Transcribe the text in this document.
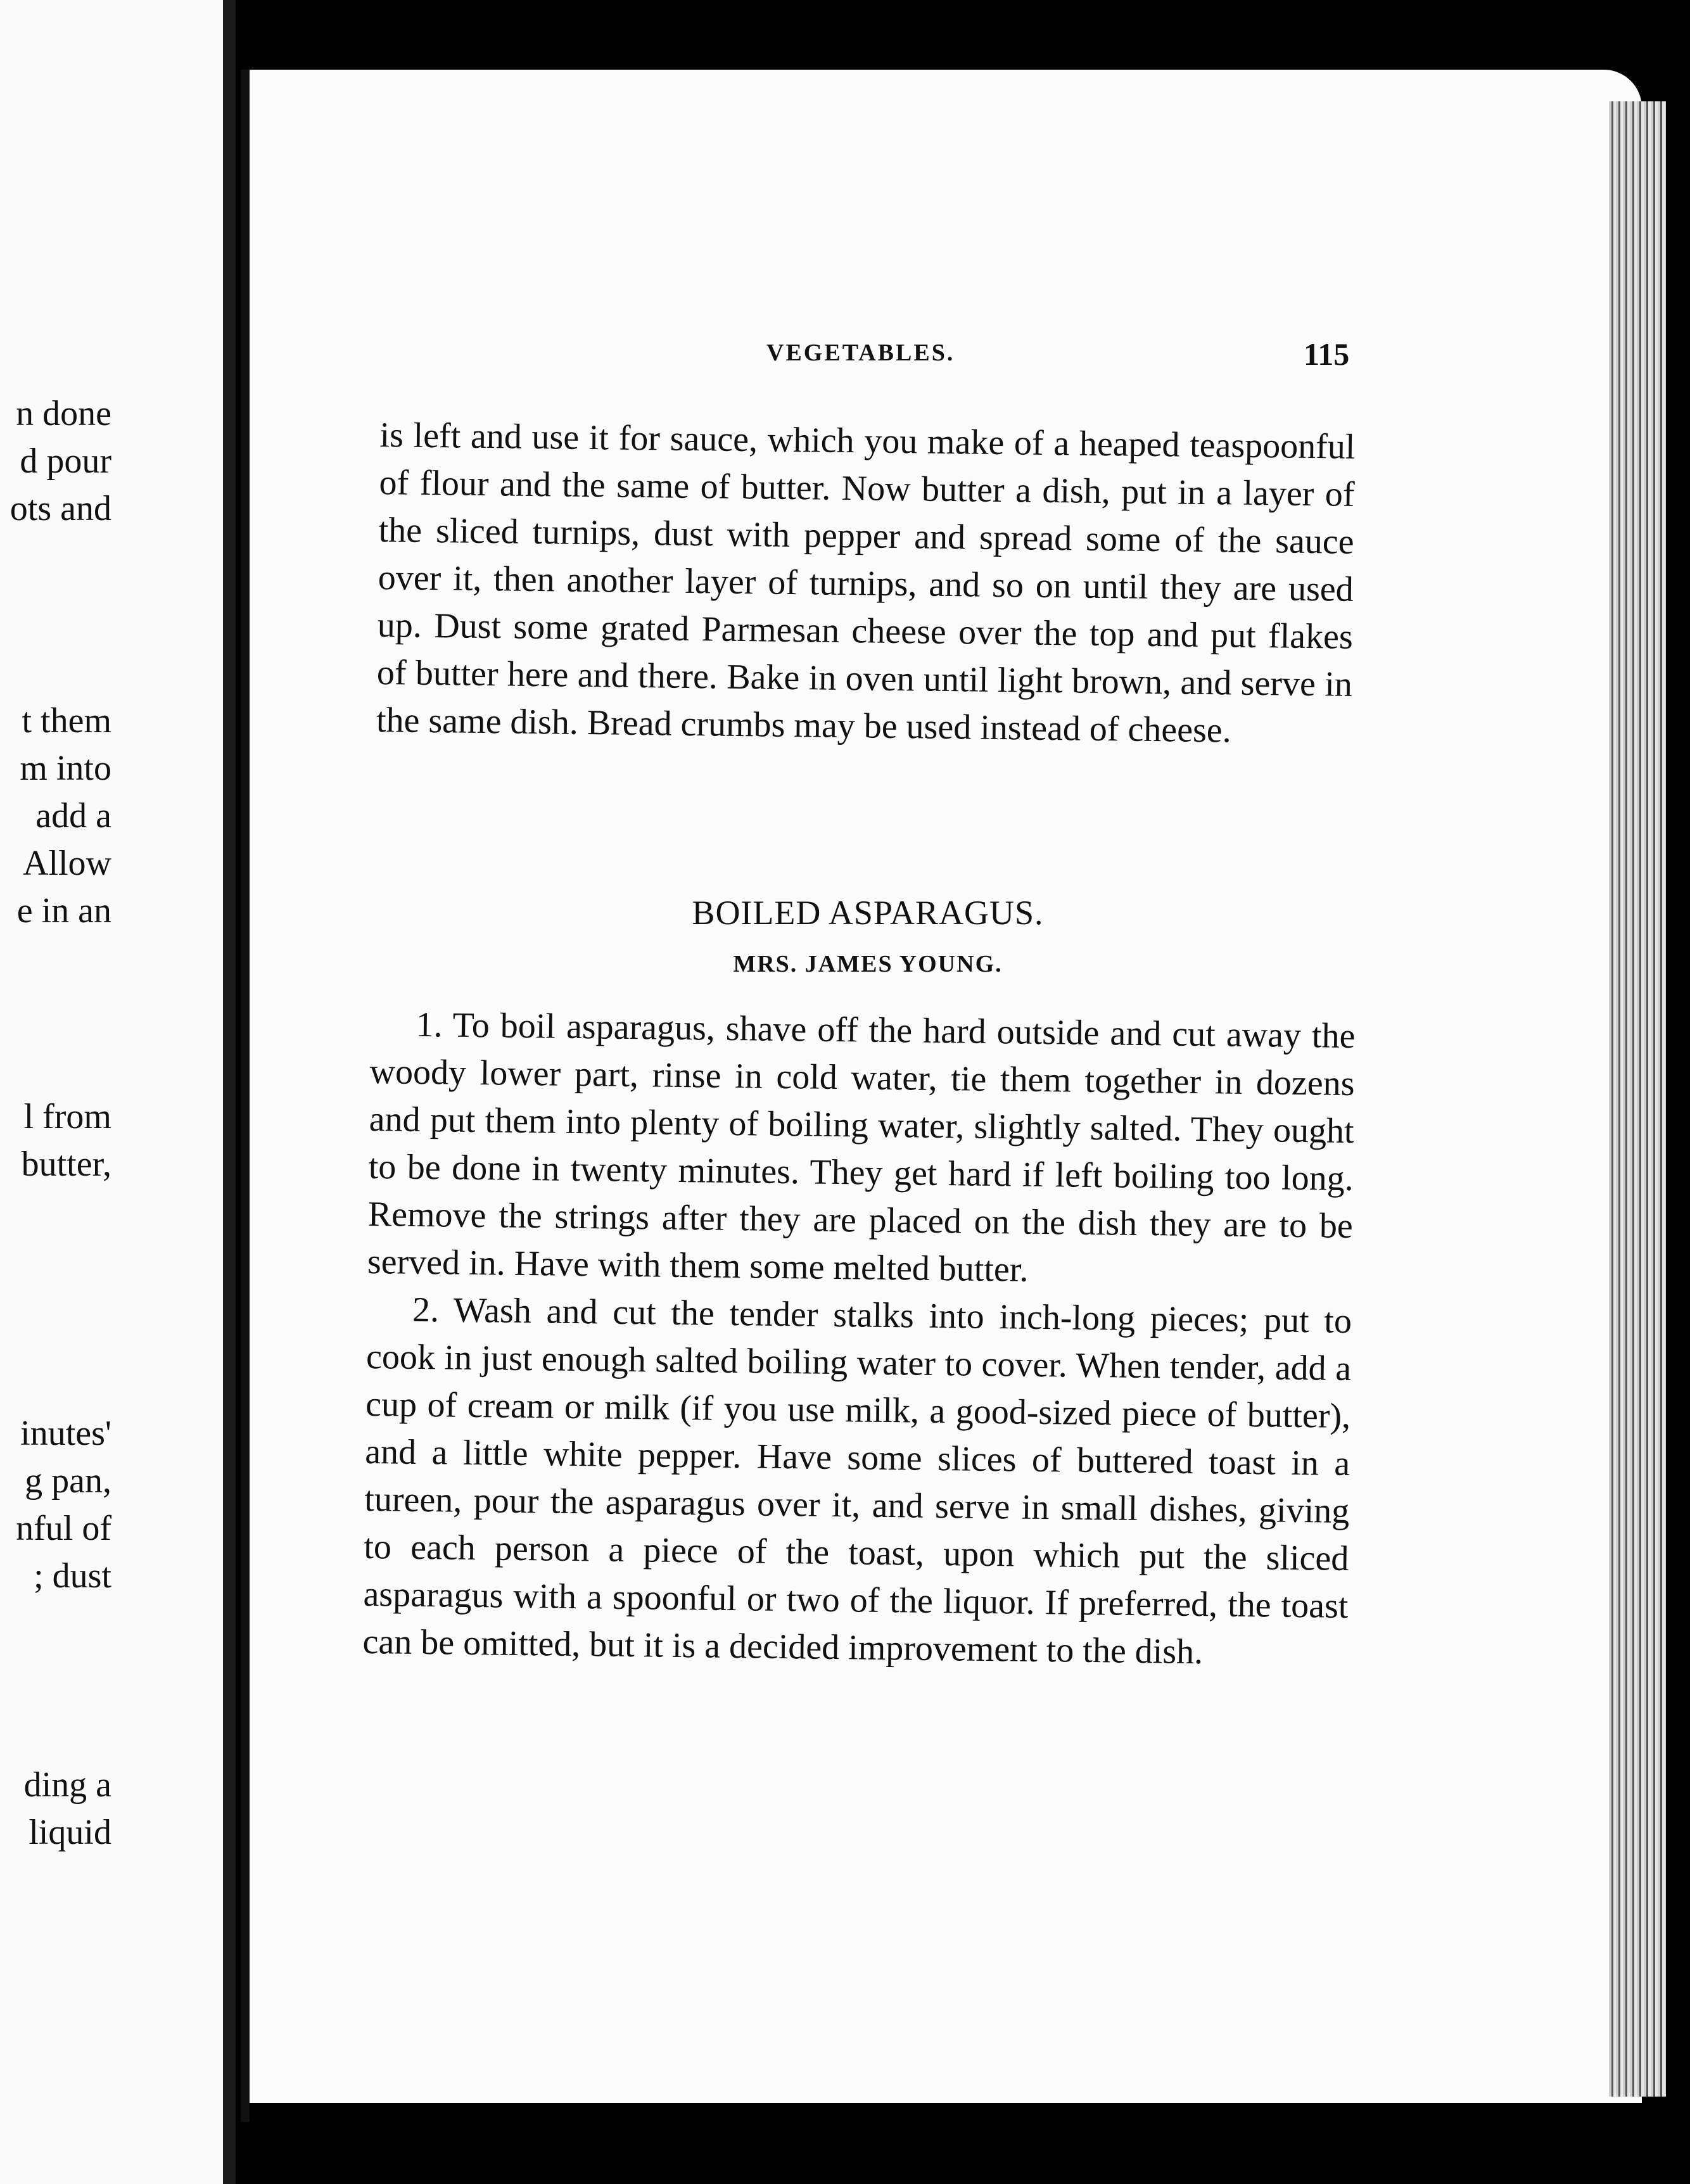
n done
d pour
ots and
t them
m into
add a
Allow
e in an
l from
butter,
inutes'
g pan,
nful of
; dust
ding a
liquid
VEGETABLES.	115

is left and use it for sauce, which you make of a heaped teaspoonful of flour and the same of butter. Now butter a dish, put in a layer of the sliced turnips, dust with pepper and spread some of the sauce over it, then another layer of turnips, and so on until they are used up. Dust some grated Parmesan cheese over the top and put flakes of butter here and there. Bake in oven until light brown, and serve in the same dish. Bread crumbs may be used instead of cheese.

BOILED ASPARAGUS.
MRS. JAMES YOUNG.

1. To boil asparagus, shave off the hard outside and cut away the woody lower part, rinse in cold water, tie them together in dozens and put them into plenty of boiling water, slightly salted. They ought to be done in twenty minutes. They get hard if left boiling too long. Remove the strings after they are placed on the dish they are to be served in. Have with them some melted butter.

2. Wash and cut the tender stalks into inch-long pieces; put to cook in just enough salted boiling water to cover. When tender, add a cup of cream or milk (if you use milk, a good-sized piece of butter), and a little white pepper. Have some slices of buttered toast in a tureen, pour the asparagus over it, and serve in small dishes, giving to each person a piece of the toast, upon which put the sliced asparagus with a spoonful or two of the liquor. If preferred, the toast can be omitted, but it is a decided improvement to the dish.
